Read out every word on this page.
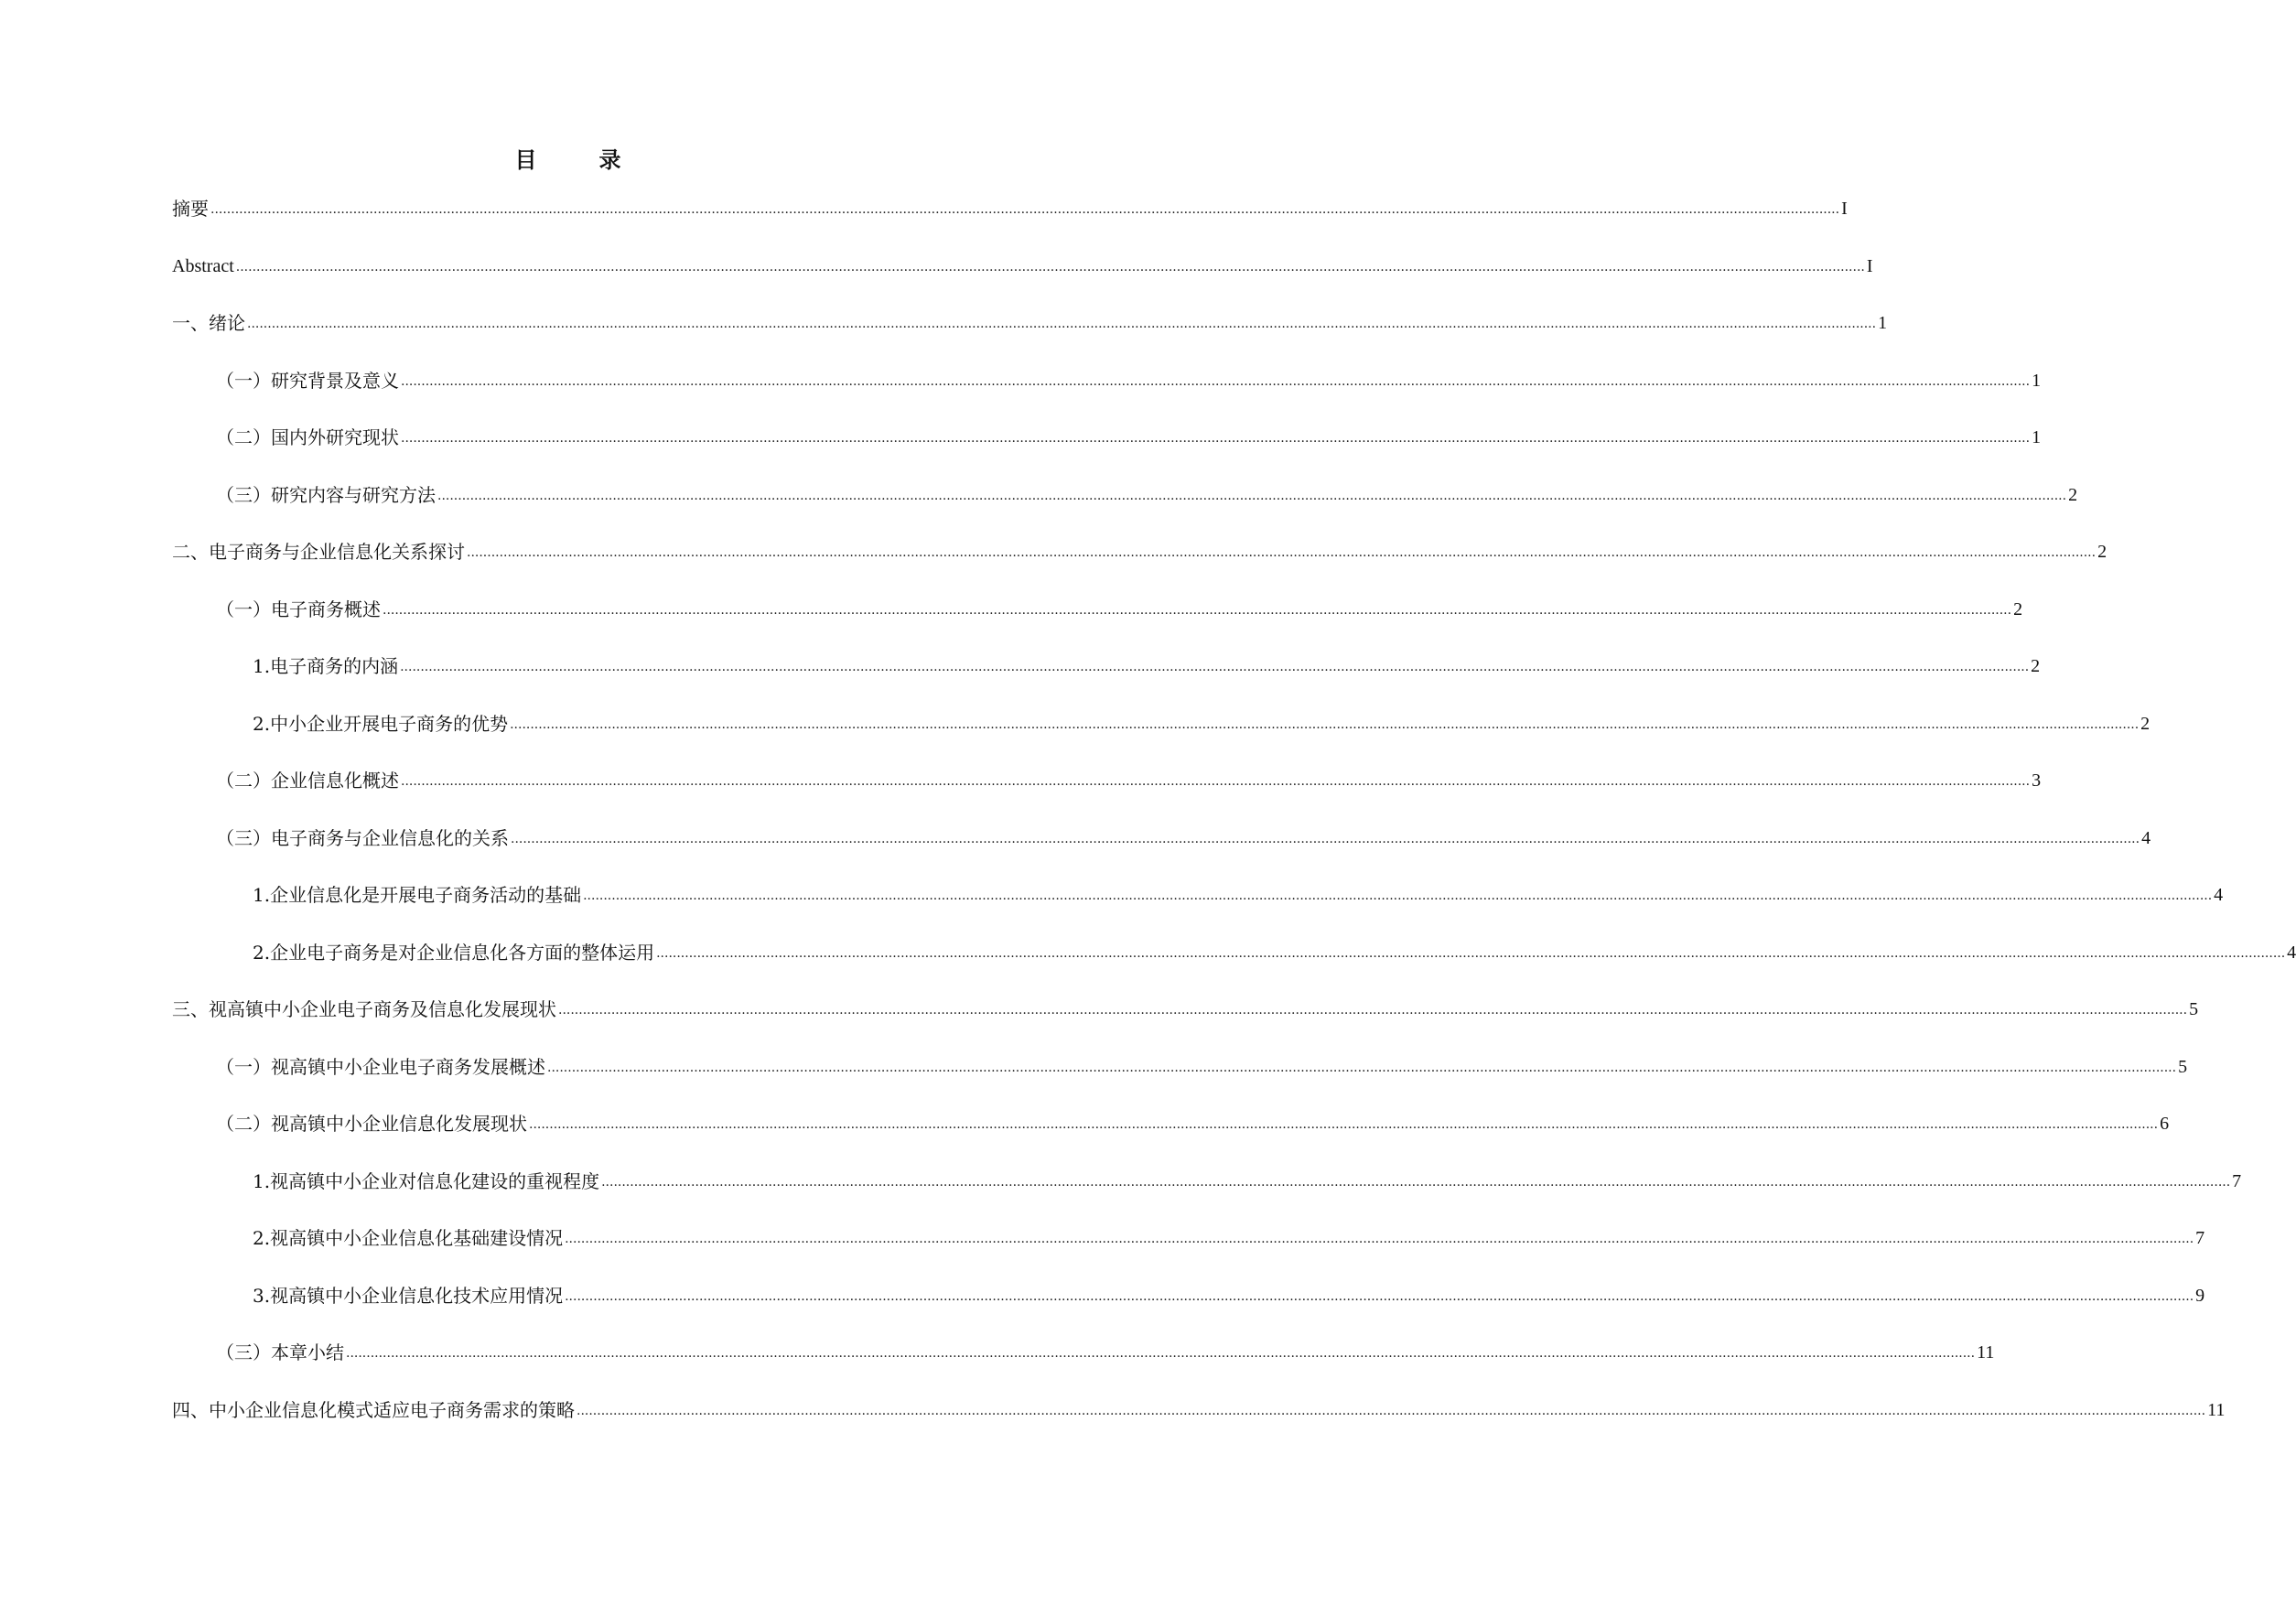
目　录
摘要 ................................................................................................................................................................................................................................................................................................................................................................................................................ I
Abstract ................................................................................................................................................................................................................................................................................................................................................................................................................ I
一、绪论 ................................................................................................................................................................................................................................................................................................................................................................................................................ 1
（一）研究背景及意义 ................................................................................................................................................................................................................................................................................................................................................................................................................ 1
（二）国内外研究现状 ................................................................................................................................................................................................................................................................................................................................................................................................................ 1
（三）研究内容与研究方法 ................................................................................................................................................................................................................................................................................................................................................................................................................ 2
二、电子商务与企业信息化关系探讨 ................................................................................................................................................................................................................................................................................................................................................................................................................ 2
（一）电子商务概述 ................................................................................................................................................................................................................................................................................................................................................................................................................ 2
1.电子商务的内涵 ................................................................................................................................................................................................................................................................................................................................................................................................................ 2
2.中小企业开展电子商务的优势 ................................................................................................................................................................................................................................................................................................................................................................................................................ 2
（二）企业信息化概述 ................................................................................................................................................................................................................................................................................................................................................................................................................ 3
（三）电子商务与企业信息化的关系 ................................................................................................................................................................................................................................................................................................................................................................................................................ 4
1.企业信息化是开展电子商务活动的基础 ................................................................................................................................................................................................................................................................................................................................................................................................................ 4
2.企业电子商务是对企业信息化各方面的整体运用 ................................................................................................................................................................................................................................................................................................................................................................................................................ 4
三、视高镇中小企业电子商务及信息化发展现状 ................................................................................................................................................................................................................................................................................................................................................................................................................ 5
（一）视高镇中小企业电子商务发展概述 ................................................................................................................................................................................................................................................................................................................................................................................................................ 5
（二）视高镇中小企业信息化发展现状 ................................................................................................................................................................................................................................................................................................................................................................................................................ 6
1.视高镇中小企业对信息化建设的重视程度 ................................................................................................................................................................................................................................................................................................................................................................................................................ 7
2.视高镇中小企业信息化基础建设情况 ................................................................................................................................................................................................................................................................................................................................................................................................................ 7
3.视高镇中小企业信息化技术应用情况 ................................................................................................................................................................................................................................................................................................................................................................................................................ 9
（三）本章小结 ................................................................................................................................................................................................................................................................................................................................................................................................................ 11
四、中小企业信息化模式适应电子商务需求的策略 ................................................................................................................................................................................................................................................................................................................................................................................................................ 11
